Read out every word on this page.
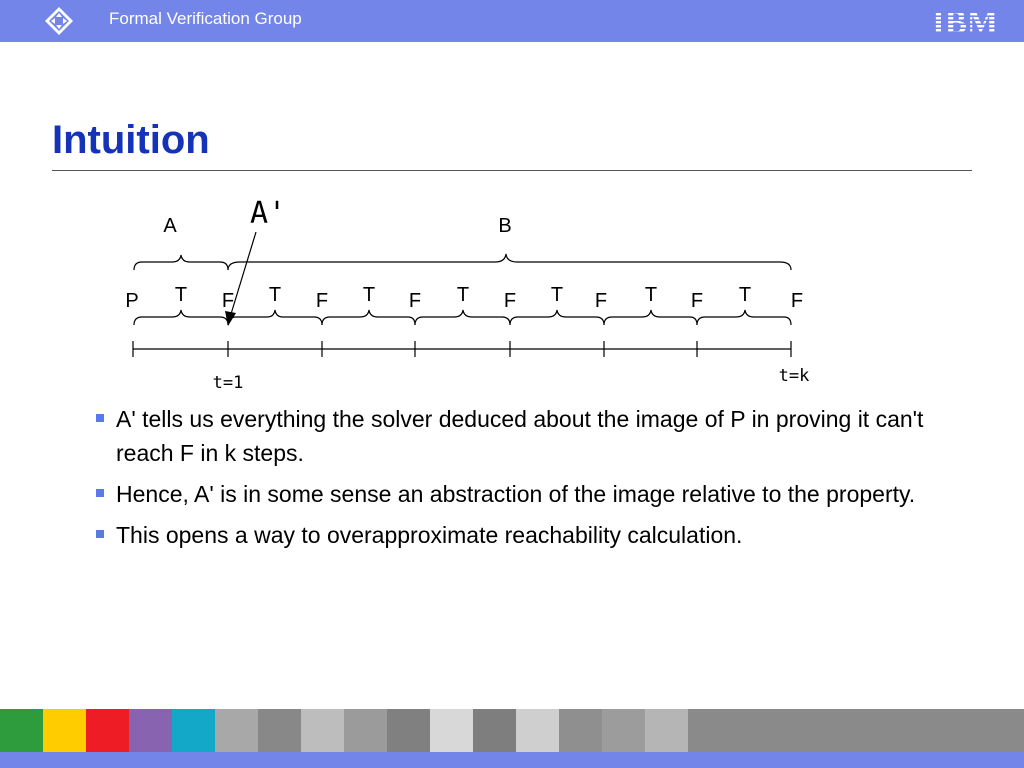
Formal Verification Group	IBM
Intuition
A	B
A'
P	F
T	F
T	F
T	F
T	F
T	F
T	F
T
t=1	t=k
A' tells us everything the solver deduced about the image of P in proving it can't reach F in k steps.
Hence, A' is in some sense an abstraction of the image relative to the property.
This opens a way to overapproximate reachability calculation.
